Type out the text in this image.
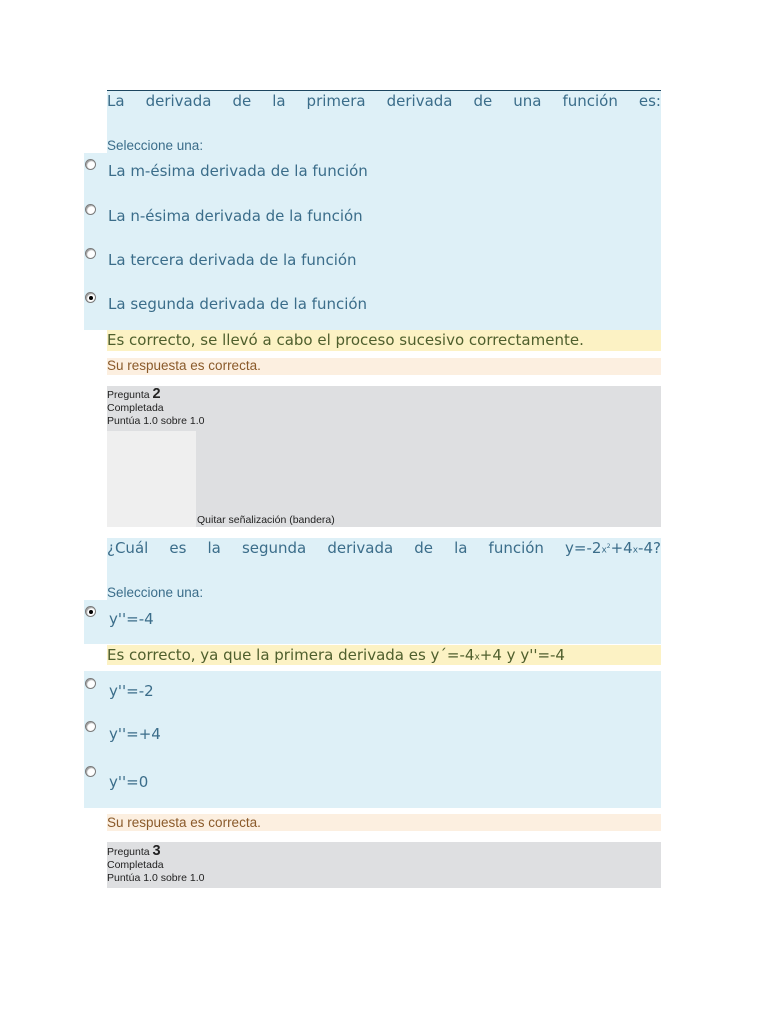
La derivada de la primera derivada de una función es:
Seleccione una:
La m-ésima derivada de la función
La n-ésima derivada de la función
La tercera derivada de la función
La segunda derivada de la función
Es correcto, se llevó a cabo el proceso sucesivo correctamente.
Su respuesta es correcta.
Pregunta 2
Completada
Puntúa 1.0 sobre 1.0
Quitar señalización (bandera)
¿Cuál es la segunda derivada de la función $y=-2x^2+4x-4$?
Seleccione una:
y''=-4
Es correcto, ya que la primera derivada es y´=-4x+4 y y''=-4
y''=-2
y''=+4
y''=0
Su respuesta es correcta.
Pregunta 3
Completada
Puntúa 1.0 sobre 1.0
